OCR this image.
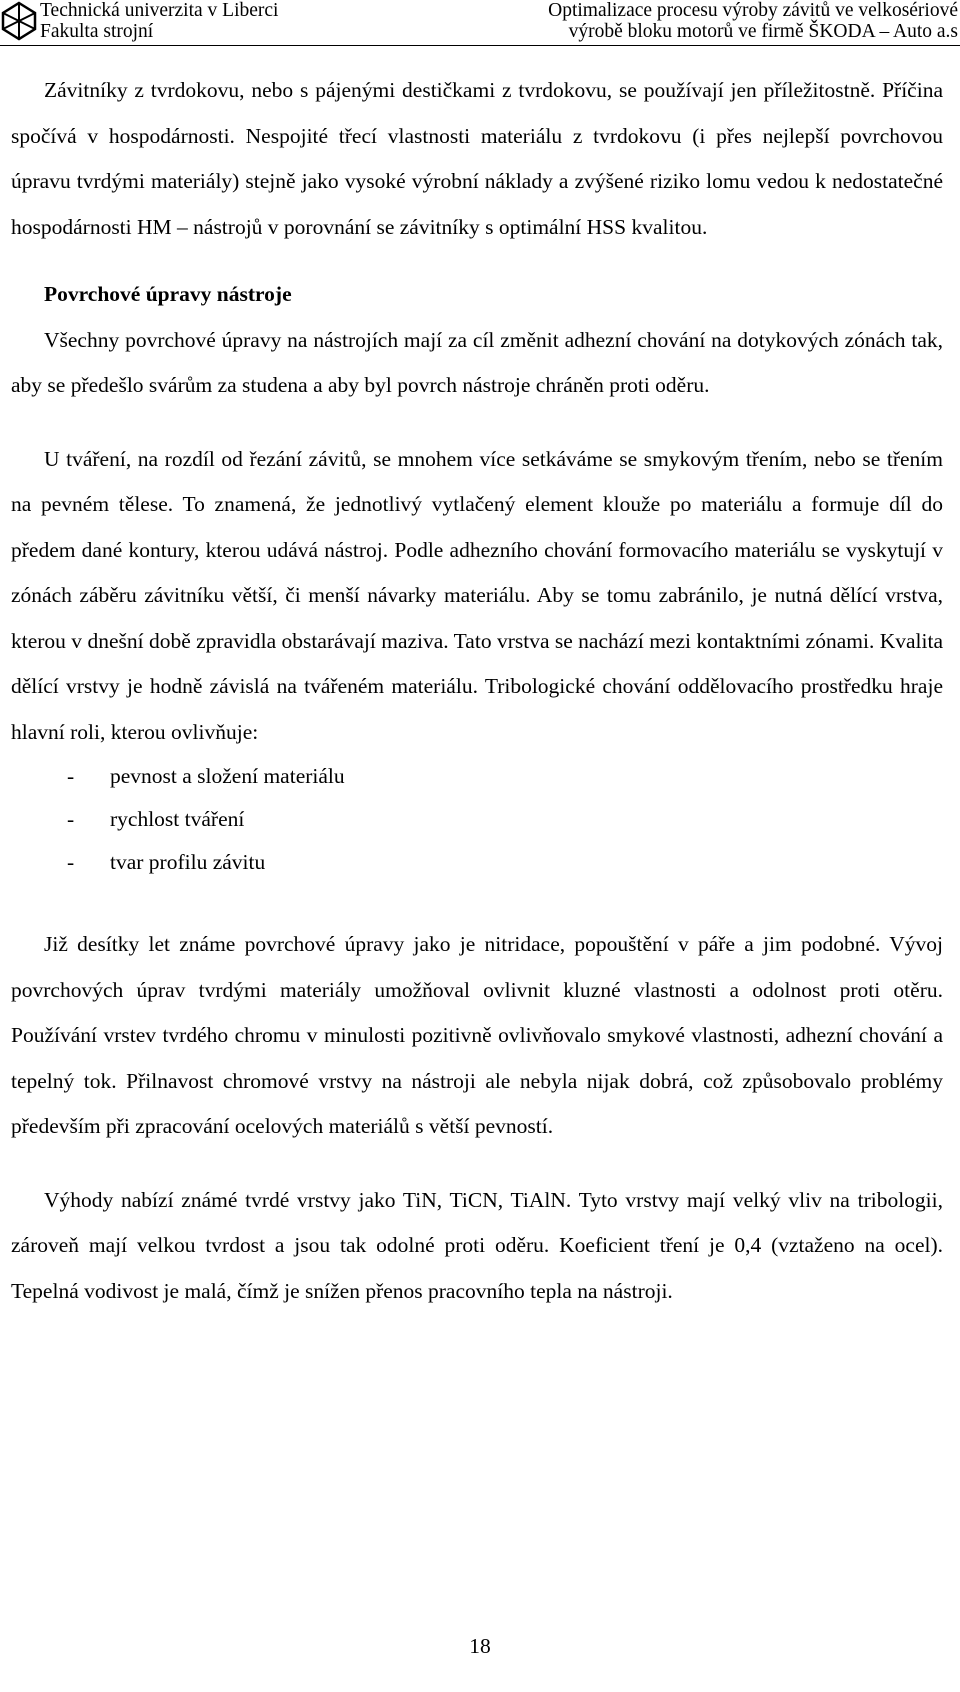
Technická univerzita v Liberci
Fakulta strojní
Optimalizace procesu výroby závitů ve velkosériové
výrobě bloku motorů ve firmě ŠKODA – Auto a.s

Závitníky z tvrdokovu, nebo s pájenými destičkami z tvrdokovu, se používají jen příležitostně. Příčina spočívá v hospodárnosti. Nespojité třecí vlastnosti materiálu z tvrdokovu (i přes nejlepší povrchovou úpravu tvrdými materiály) stejně jako vysoké výrobní náklady a zvýšené riziko lomu vedou k nedostatečné hospodárnosti HM – nástrojů v porovnání se závitníky s optimální HSS kvalitou.

Povrchové úpravy nástroje

Všechny povrchové úpravy na nástrojích mají za cíl změnit adhezní chování na dotykových zónách tak, aby se předešlo svárům za studena a aby byl povrch nástroje chráněn proti oděru.

U tváření, na rozdíl od řezání závitů, se mnohem více setkáváme se smykovým třením, nebo se třením na pevném tělese. To znamená, že jednotlivý vytlačený element klouže po materiálu a formuje díl do předem dané kontury, kterou udává nástroj. Podle adhezního chování formovacího materiálu se vyskytují v zónách záběru závitníku větší, či menší návarky materiálu. Aby se tomu zabránilo, je nutná dělící vrstva, kterou v dnešní době zpravidla obstarávají maziva. Tato vrstva se nachází mezi kontaktními zónami. Kvalita dělící vrstvy je hodně závislá na tvářeném materiálu. Tribologické chování oddělovacího prostředku hraje hlavní roli, kterou ovlivňuje:

- pevnost a složení materiálu
- rychlost tváření
- tvar profilu závitu

Již desítky let známe povrchové úpravy jako je nitridace, popouštění v páře a jim podobné. Vývoj povrchových úprav tvrdými materiály umožňoval ovlivnit kluzné vlastnosti a odolnost proti otěru. Používání vrstev tvrdého chromu v minulosti pozitivně ovlivňovalo smykové vlastnosti, adhezní chování a tepelný tok. Přilnavost chromové vrstvy na nástroji ale nebyla nijak dobrá, což způsobovalo problémy především při zpracování ocelových materiálů s větší pevností.

Výhody nabízí známé tvrdé vrstvy jako TiN, TiCN, TiAlN. Tyto vrstvy mají velký vliv na tribologii, zároveň mají velkou tvrdost a jsou tak odolné proti oděru. Koeficient tření je 0,4 (vztaženo na ocel). Tepelná vodivost je malá, čímž je snížen přenos pracovního tepla na nástroji.

18
